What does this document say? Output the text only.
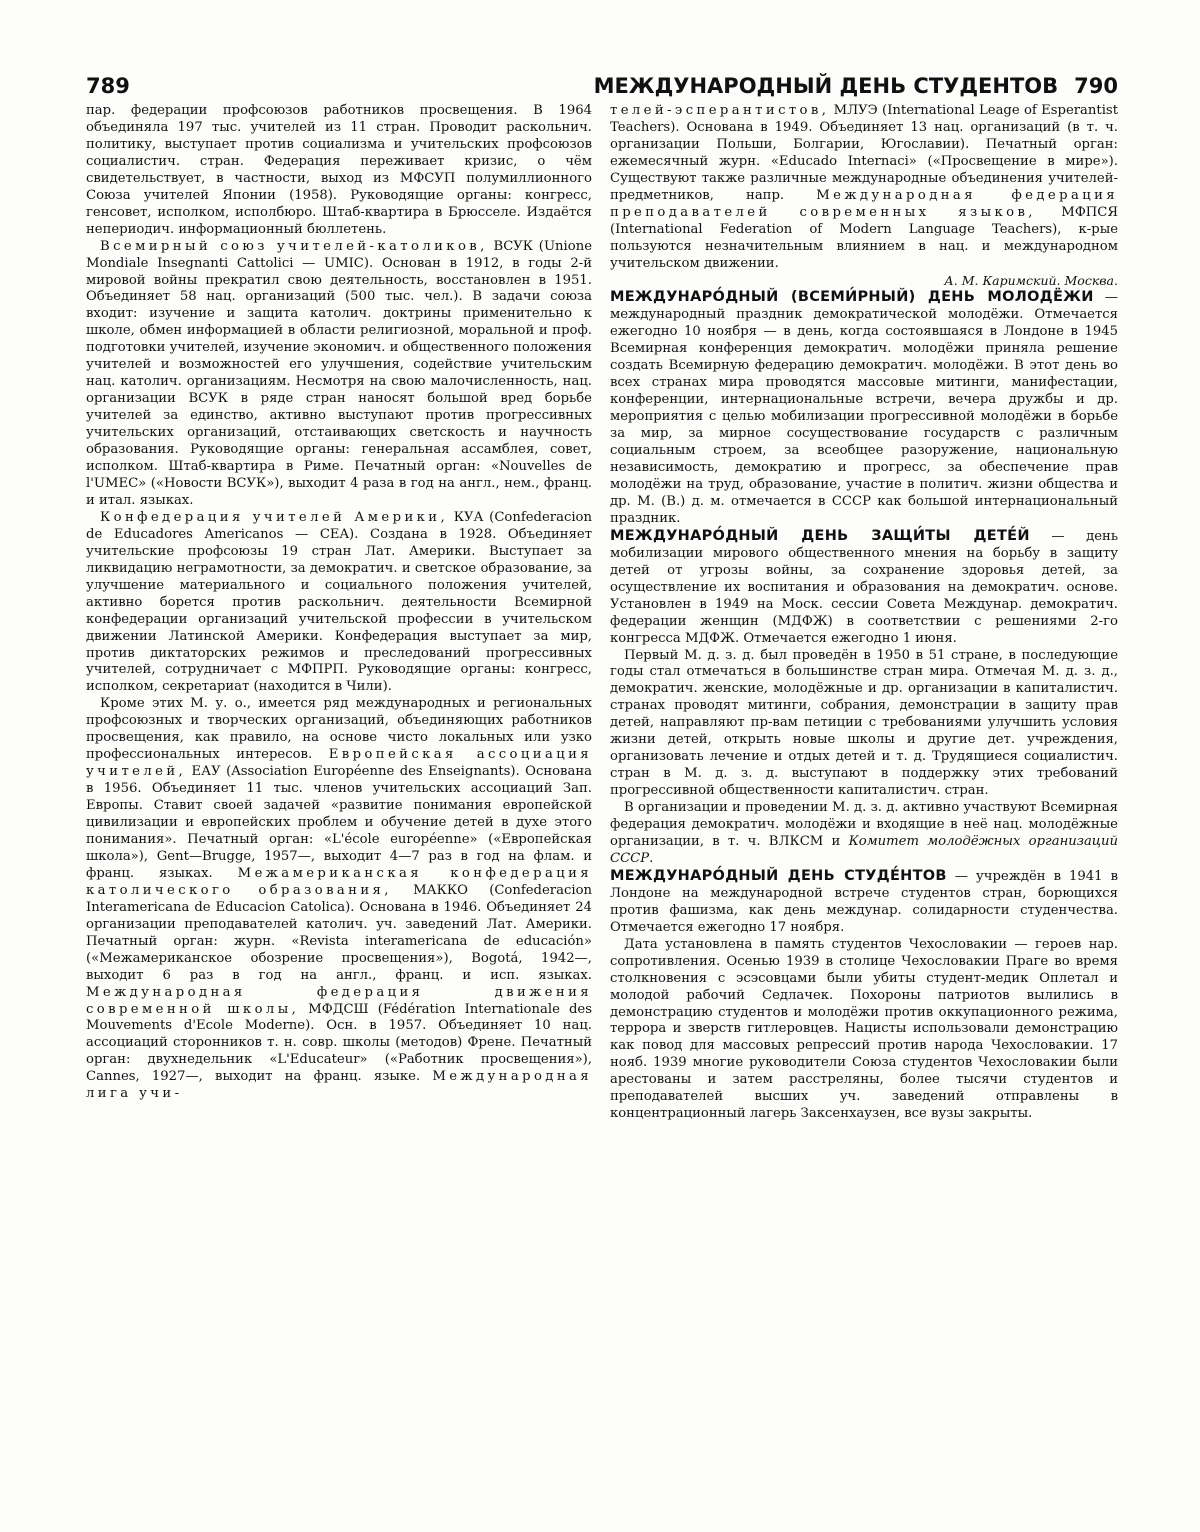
789	МЕЖДУНАРОДНЫЙ ДЕНЬ СТУДЕНТОВ 790

пар. федерации профсоюзов работников просвещения. В 1964 объединяла 197 тыс. учителей из 11 стран. Проводит раскольнич. политику, выступает против социализма и учительских профсоюзов социалистич. стран. Федерация переживает кризис, о чём свидетельствует, в частности, выход из МФСУП полумиллионного Союза учителей Японии (1958). Руководящие органы: конгресс, генсовет, исполком, исполбюро. Штаб-квартира в Брюсселе. Издаётся непериодич. информационный бюллетень.

Всемирный союз учителей-католиков, ВСУК (Unione Mondiale Insegnanti Cattolici — UMIC). Основан в 1912, в годы 2-й мировой войны прекратил свою деятельность, восстановлен в 1951. Объединяет 58 нац. организаций (500 тыс. чел.). В задачи союза входит: изучение и защита католич. доктрины применительно к школе, обмен информацией в области религиозной, моральной и проф. подготовки учителей, изучение экономич. и общественного положения учителей и возможностей его улучшения, содействие учительским нац. католич. организациям. Несмотря на свою малочисленность, нац. организации ВСУК в ряде стран наносят большой вред борьбе учителей за единство, активно выступают против прогрессивных учительских организаций, отстаивающих светскость и научность образования. Руководящие органы: генеральная ассамблея, совет, исполком. Штаб-квартира в Риме. Печатный орган: «Nouvelles de l'UMEC» («Новости ВСУК»), выходит 4 раза в год на англ., нем., франц. и итал. языках.

Конфедерация учителей Америки, КУА (Confederacion de Educadores Americanos — CEA). Создана в 1928. Объединяет учительские профсоюзы 19 стран Лат. Америки. Выступает за ликвидацию неграмотности, за демократич. и светское образование, за улучшение материального и социального положения учителей, активно борется против раскольнич. деятельности Всемирной конфедерации организаций учительской профессии в учительском движении Латинской Америки. Конфедерация выступает за мир, против диктаторских режимов и преследований прогрессивных учителей, сотрудничает с МФПРП. Руководящие органы: конгресс, исполком, секретариат (находится в Чили).

Кроме этих М. у. о., имеется ряд международных и региональных профсоюзных и творческих организаций, объединяющих работников просвещения, как правило, на основе чисто локальных или узко профессиональных интересов. Европейская ассоциация учителей, ЕАУ (Association Européenne des Enseignants). Основана в 1956. Объединяет 11 тыс. членов учительских ассоциаций Зап. Европы. Ставит своей задачей «развитие понимания европейской цивилизации и европейских проблем и обучение детей в духе этого понимания». Печатный орган: «L'école européenne» («Европейская школа»), Gent—Brugge, 1957—, выходит 4—7 раз в год на флам. и франц. языках. Межамериканская конфедерация католического образования, МАККО (Confederacion Interamericana de Educacion Catolica). Основана в 1946. Объединяет 24 организации преподавателей католич. уч. заведений Лат. Америки. Печатный орган: журн. «Revista interamericana de educación» («Межамериканское обозрение просвещения»), Bogotá, 1942—, выходит 6 раз в год на англ., франц. и исп. языках. Международная федерация движения современной школы, МФДСШ (Fédération Internationale des Mouvements d'Ecole Moderne). Осн. в 1957. Объединяет 10 нац. ассоциаций сторонников т. н. совр. школы (методов) Френе. Печатный орган: двухнедельник «L'Educateur» («Работник просвещения»), Cannes, 1927—, выходит на франц. языке. Международная лига учи-

телей-эсперантистов, МЛУЭ (International Leage of Esperantist Teachers). Основана в 1949. Объединяет 13 нац. организаций (в т. ч. организации Польши, Болгарии, Югославии). Печатный орган: ежемесячный журн. «Educado Internaci» («Просвещение в мире»). Существуют также различные международные объединения учителей-предметников, напр. Международная федерация преподавателей современных языков, МФПСЯ (International Federation of Modern Language Teachers), к-рые пользуются незначительным влиянием в нац. и международном учительском движении.

А. М. Каримский. Москва.

МЕЖДУНАРО́ДНЫЙ (ВСЕМИ́РНЫЙ) ДЕНЬ МОЛОДЁЖИ — международный праздник демократической молодёжи. Отмечается ежегодно 10 ноября — в день, когда состоявшаяся в Лондоне в 1945 Всемирная конференция демократич. молодёжи приняла решение создать Всемирную федерацию демократич. молодёжи. В этот день во всех странах мира проводятся массовые митинги, манифестации, конференции, интернациональные встречи, вечера дружбы и др. мероприятия с целью мобилизации прогрессивной молодёжи в борьбе за мир, за мирное сосуществование государств с различным социальным строем, за всеобщее разоружение, национальную независимость, демократию и прогресс, за обеспечение прав молодёжи на труд, образование, участие в политич. жизни общества и др. М. (В.) д. м. отмечается в СССР как большой интернациональный праздник.

МЕЖДУНАРО́ДНЫЙ ДЕНЬ ЗАЩИ́ТЫ ДЕТЕ́Й — день мобилизации мирового общественного мнения на борьбу в защиту детей от угрозы войны, за сохранение здоровья детей, за осуществление их воспитания и образования на демократич. основе. Установлен в 1949 на Моск. сессии Совета Междунар. демократич. федерации женщин (МДФЖ) в соответствии с решениями 2-го конгресса МДФЖ. Отмечается ежегодно 1 июня.

Первый М. д. з. д. был проведён в 1950 в 51 стране, в последующие годы стал отмечаться в большинстве стран мира. Отмечая М. д. з. д., демократич. женские, молодёжные и др. организации в капиталистич. странах проводят митинги, собрания, демонстрации в защиту прав детей, направляют пр-вам петиции с требованиями улучшить условия жизни детей, открыть новые школы и другие дет. учреждения, организовать лечение и отдых детей и т. д. Трудящиеся социалистич. стран в М. д. з. д. выступают в поддержку этих требований прогрессивной общественности капиталистич. стран.

В организации и проведении М. д. з. д. активно участвуют Всемирная федерация демократич. молодёжи и входящие в неё нац. молодёжные организации, в т. ч. ВЛКСМ и Комитет молодёжных организаций СССР.

МЕЖДУНАРО́ДНЫЙ ДЕНЬ СТУДЕ́НТОВ — учреждён в 1941 в Лондоне на международной встрече студентов стран, борющихся против фашизма, как день междунар. солидарности студенчества. Отмечается ежегодно 17 ноября.

Дата установлена в память студентов Чехословакии — героев нар. сопротивления. Осенью 1939 в столице Чехословакии Праге во время столкновения с эсэсовцами были убиты студент-медик Оплетал и молодой рабочий Седлачек. Похороны патриотов вылились в демонстрацию студентов и молодёжи против оккупационного режима, террора и зверств гитлеровцев. Нацисты использовали демонстрацию как повод для массовых репрессий против народа Чехословакии. 17 нояб. 1939 многие руководители Союза студентов Чехословакии были арестованы и затем расстреляны, более тысячи студентов и преподавателей высших уч. заведений отправлены в концентрационный лагерь Заксенхаузен, все вузы закрыты.
